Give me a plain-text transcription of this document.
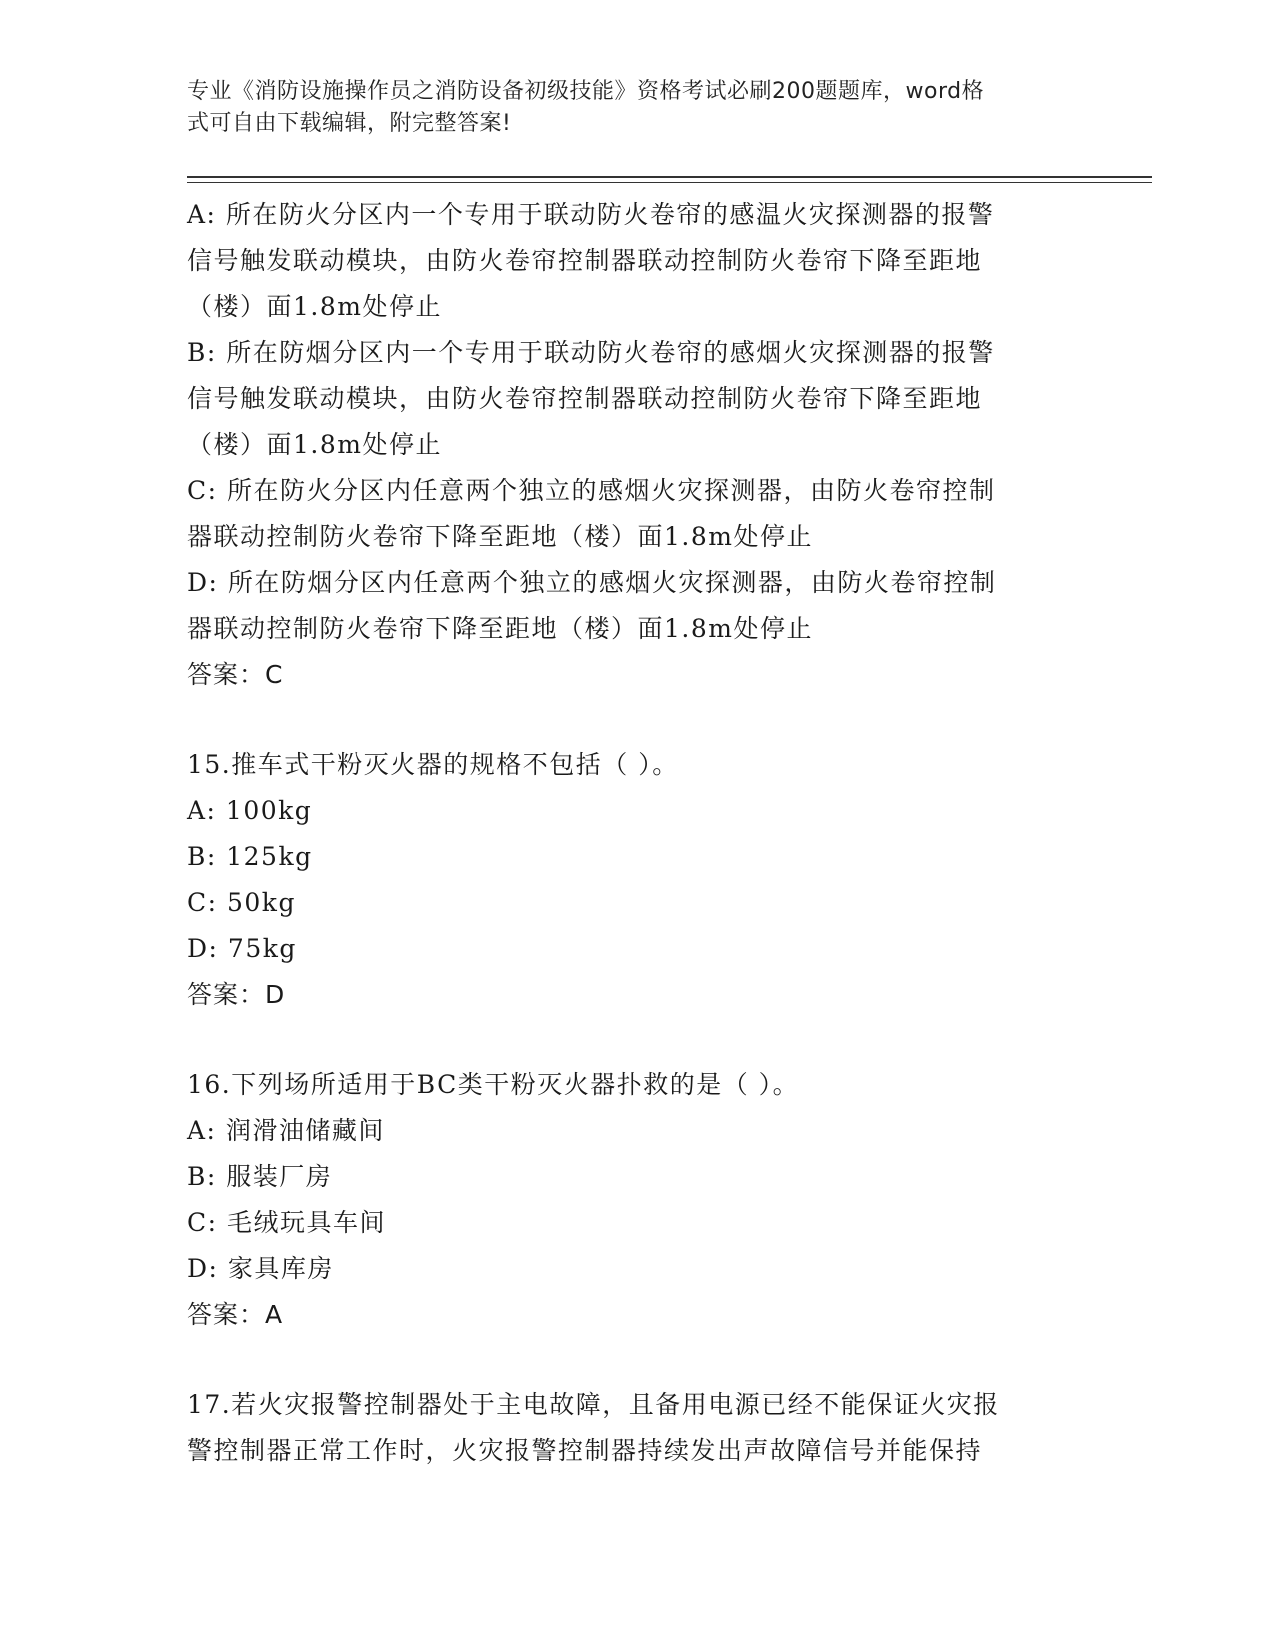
专业《消防设施操作员之消防设备初级技能》资格考试必刷200题题库，word格
式可自由下载编辑，附完整答案!
A: 所在防火分区内一个专用于联动防火卷帘的感温火灾探测器的报警
信号触发联动模块，由防火卷帘控制器联动控制防火卷帘下降至距地
（楼）面1.8m处停止
B: 所在防烟分区内一个专用于联动防火卷帘的感烟火灾探测器的报警
信号触发联动模块，由防火卷帘控制器联动控制防火卷帘下降至距地
（楼）面1.8m处停止
C: 所在防火分区内任意两个独立的感烟火灾探测器，由防火卷帘控制
器联动控制防火卷帘下降至距地（楼）面1.8m处停止
D: 所在防烟分区内任意两个独立的感烟火灾探测器，由防火卷帘控制
器联动控制防火卷帘下降至距地（楼）面1.8m处停止
答案：C
15.推车式干粉灭火器的规格不包括（ ）。
A: 100kg
B: 125kg
C: 50kg
D: 75kg
答案：D
16.下列场所适用于BC类干粉灭火器扑救的是（ ）。
A: 润滑油储藏间
B: 服装厂房
C: 毛绒玩具车间
D: 家具库房
答案：A
17.若火灾报警控制器处于主电故障，且备用电源已经不能保证火灾报
警控制器正常工作时，火灾报警控制器持续发出声故障信号并能保持
